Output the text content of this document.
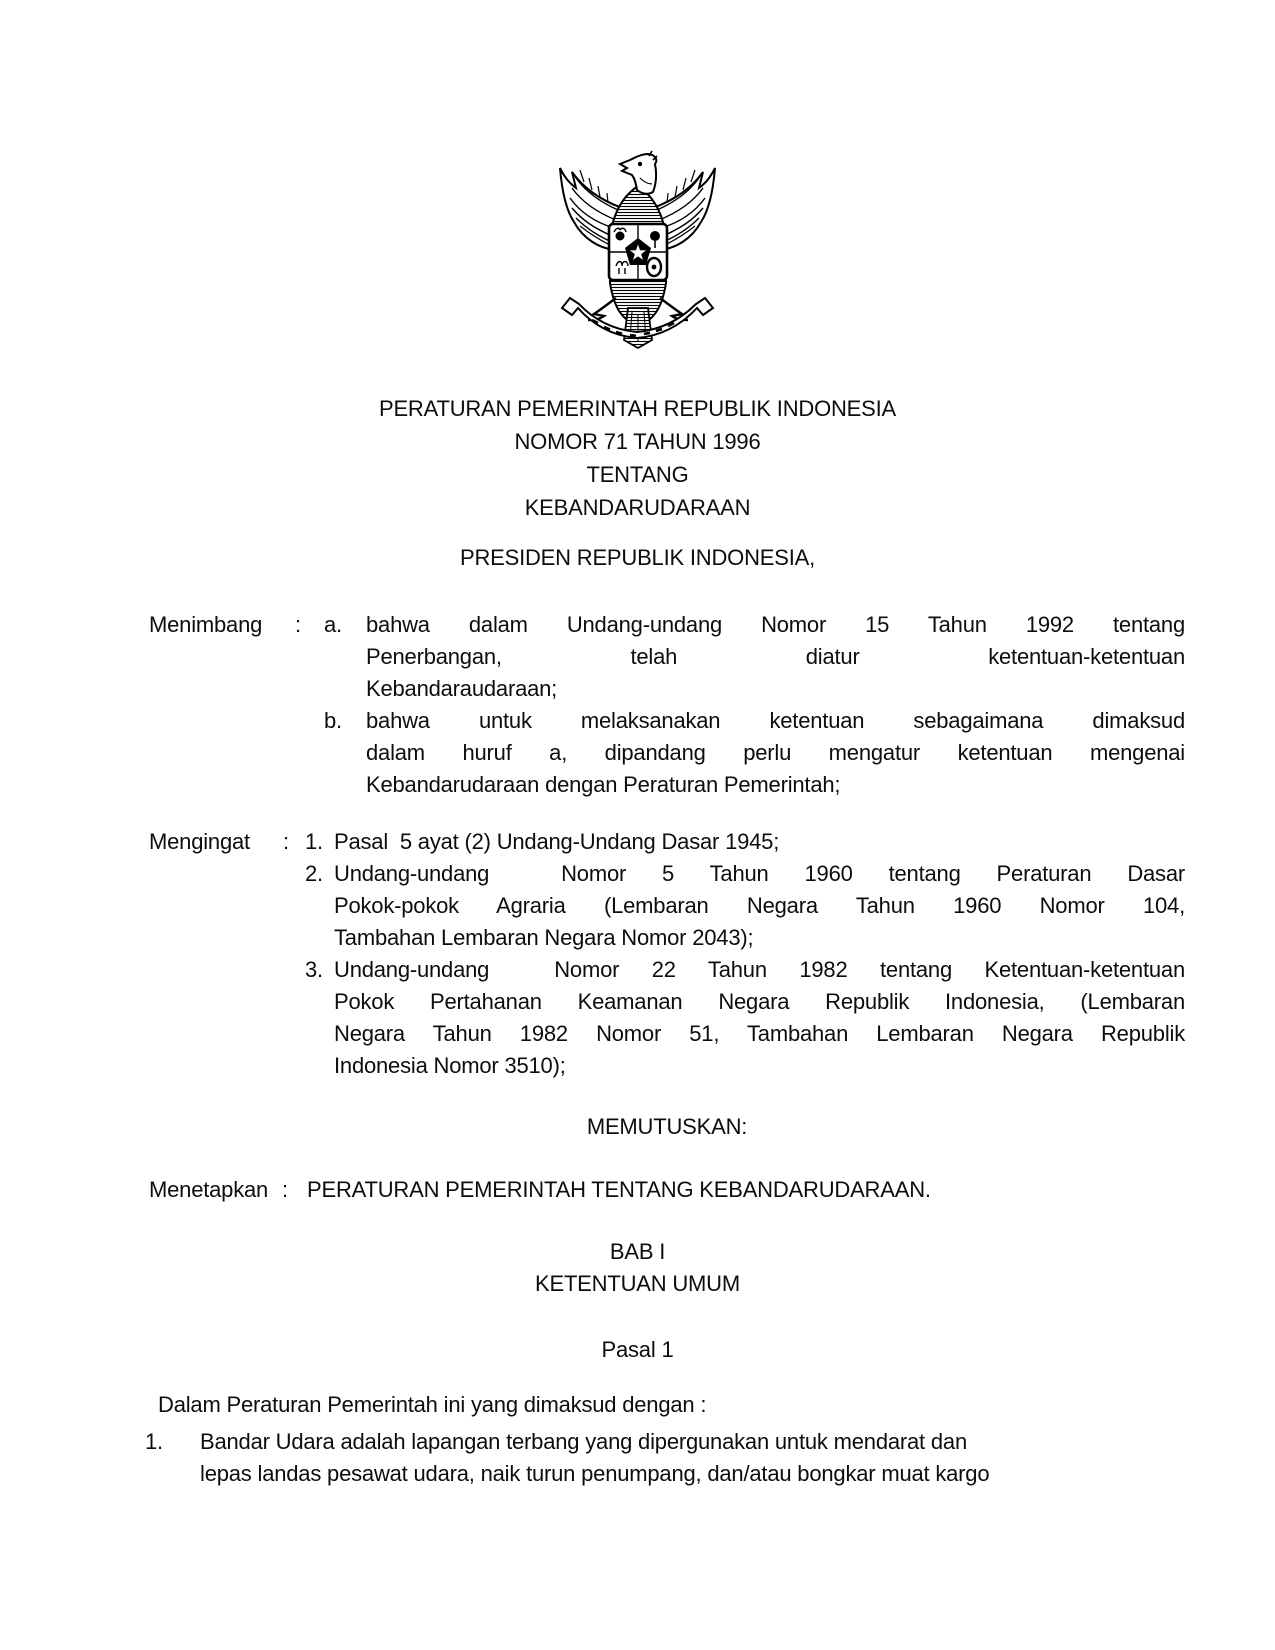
PERATURAN PEMERINTAH REPUBLIK INDONESIA
NOMOR 71 TAHUN 1996
TENTANG
KEBANDARUDARAAN
PRESIDEN REPUBLIK INDONESIA,
Menimbang	:	a.	bahwa dalam Undang-undang Nomor 15 Tahun 1992 tentang
Penerbangan, telah diatur ketentuan-ketentuan
Kebandaraudaraan;
b.	bahwa untuk melaksanakan ketentuan sebagaimana dimaksud
dalam huruf a, dipandang perlu mengatur ketentuan mengenai
Kebandarudaraan dengan Peraturan Pemerintah;
Mengingat	: 1. Pasal  5 ayat (2) Undang-Undang Dasar 1945;
2. Undang-undang  Nomor 5 Tahun 1960 tentang Peraturan Dasar
Pokok-pokok Agraria (Lembaran Negara Tahun 1960 Nomor 104,
Tambahan Lembaran Negara Nomor 2043);
3. Undang-undang  Nomor 22 Tahun 1982 tentang Ketentuan-ketentuan
Pokok Pertahanan Keamanan Negara Republik Indonesia, (Lembaran
Negara Tahun 1982 Nomor 51, Tambahan Lembaran Negara Republik
Indonesia Nomor 3510);
MEMUTUSKAN:
Menetapkan : PERATURAN PEMERINTAH TENTANG KEBANDARUDARAAN.
BAB I
KETENTUAN UMUM
Pasal 1
Dalam Peraturan Pemerintah ini yang dimaksud dengan :
1.	Bandar Udara adalah lapangan terbang yang dipergunakan untuk mendarat dan
lepas landas pesawat udara, naik turun penumpang, dan/atau bongkar muat kargo
